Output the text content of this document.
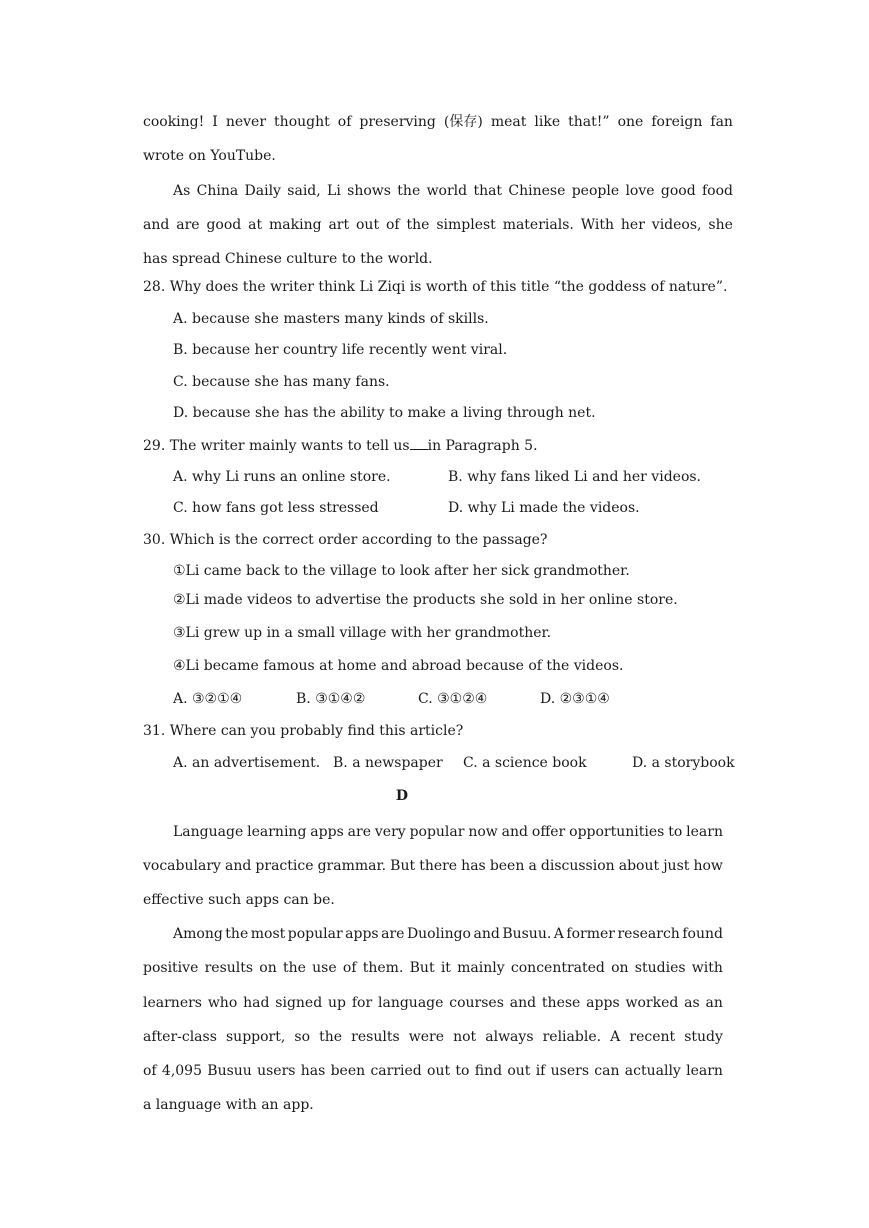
cooking! I never thought of preserving (保存) meat like that!” one foreign fan
wrote on YouTube.
As China Daily said, Li shows the world that Chinese people love good food
and are good at making art out of the simplest materials. With her videos, she
has spread Chinese culture to the world.
28. Why does the writer think Li Ziqi is worth of this title “the goddess of nature”.
A. because she masters many kinds of skills.
B. because her country life recently went viral.
C. because she has many fans.
D. because she has the ability to make a living through net.
29. The writer mainly wants to tell us in Paragraph 5.
A. why Li runs an online store.	B. why fans liked Li and her videos.
C. how fans got less stressed	D. why Li made the videos.
30. Which is the correct order according to the passage?
①Li came back to the village to look after her sick grandmother.
②Li made videos to advertise the products she sold in her online store.
③Li grew up in a small village with her grandmother.
④Li became famous at home and abroad because of the videos.
A. ③②①④	B. ③①④②	C. ③①②④	D. ②③①④
31. Where can you probably find this article?
A. an advertisement. B. a newspaper C. a science book	D. a storybook
D
Language learning apps are very popular now and offer opportunities to learn
vocabulary and practice grammar. But there has been a discussion about just how
effective such apps can be.
Among the most popular apps are Duolingo and Busuu. A former research found
positive results on the use of them. But it mainly concentrated on studies with
learners who had signed up for language courses and these apps worked as an
after-class support, so the results were not always reliable. A recent study
of 4,095 Busuu users has been carried out to find out if users can actually learn
a language with an app.
